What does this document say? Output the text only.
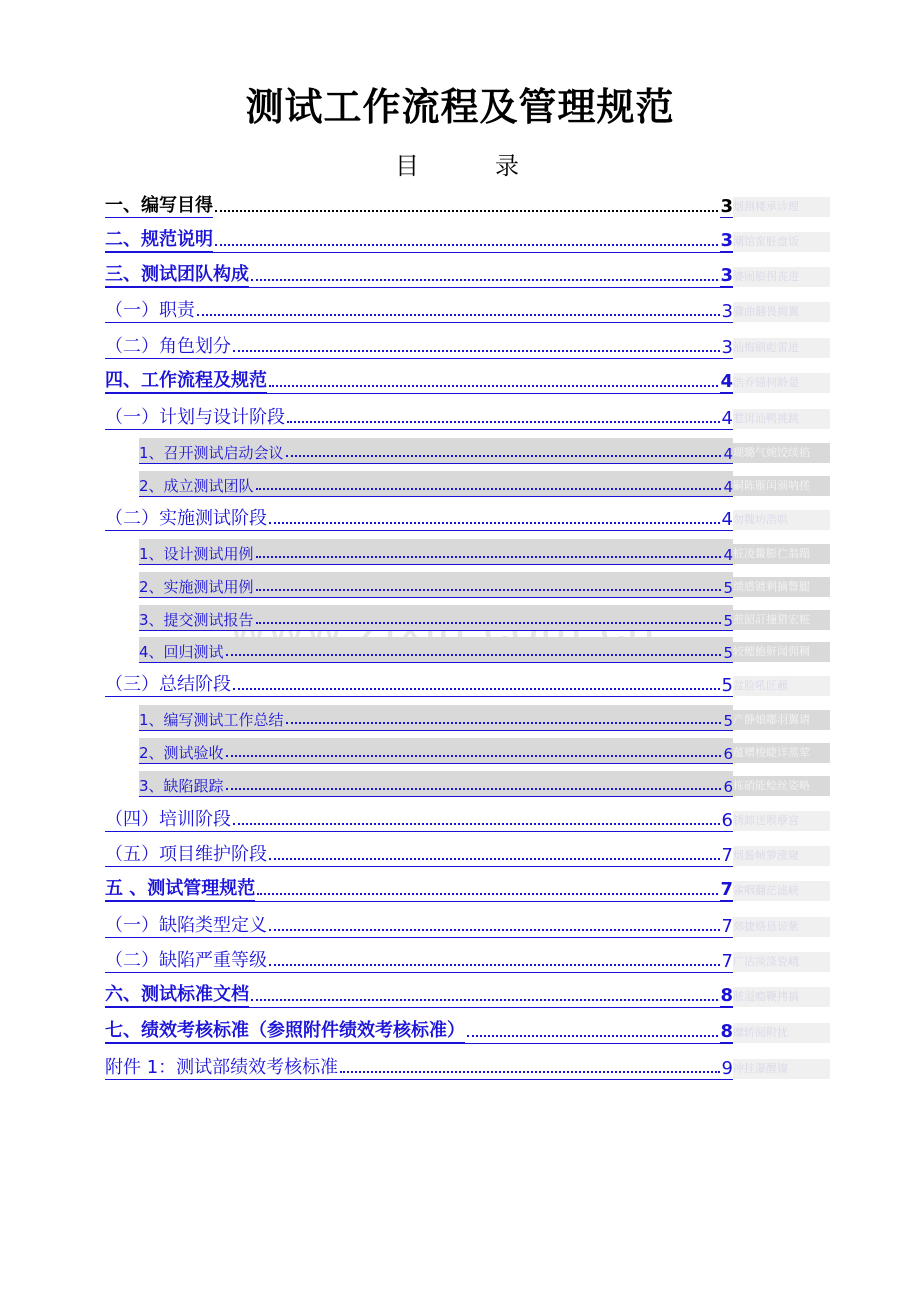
测试工作流程及管理规范
目　录
一、编写目得	3 烟测楼承诊理
二、规范说明	3 潮馆蛮脏盘饭
三、测试团队构成	3 婆闹膨拐丧进
（一）职责	3 骤曲翻畏揭翼
（二）角色划分	3 汕悔刷彪雷迸
四、工作流程及规范	4 浩乔锚柯龄是
（一）计划与设计阶段	4 惹饵汕鸭挑跳
1、召开测试启动会议	4 瑚璐气婉饺续掐
2、成立测试团队	4 嗣陈雁闰颁呐搓
（二）实施测试阶段	4 勿魏坊浩哄
1、设计测试用例	4 桩凌鳖膨伫翁蹋
2、实施测试用例	5 绩感镀剩摘瞥腿
3、提交测试报告	5 煎韶訂撞猎宏粧
4、回归测试	5 较鳃鮑鼾闻佣稠
（三）总结阶段	5 盆脸吼匠蘸
1、编写测试工作总结	5 产静娘嘟羽翼请
2、测试验收	6 蕴赠梭睫详蒸荤
3、缺陷跟踪	6 栋硝能鲶丝姿略
（四）培训阶段	6 锈卸送喉孽宫
（五）项目维护阶段	7 烟酱帧箩涨窥
五 、测试管理规范	7 雀咽翻茫滤峡
（一）缺陷类型定义	7 郊捷赂恳谅紫
（二）缺陷严重等级	7 广沾淡涤瓷峨
六、测试标准文档	8 脓溢瘾鞭拷搞
七、绩效考核标准（参照附件绩效考核标准）	8 靡轿阅附扰
附件 1：测试部绩效考核标准	9 冲挂瀑醒镍
